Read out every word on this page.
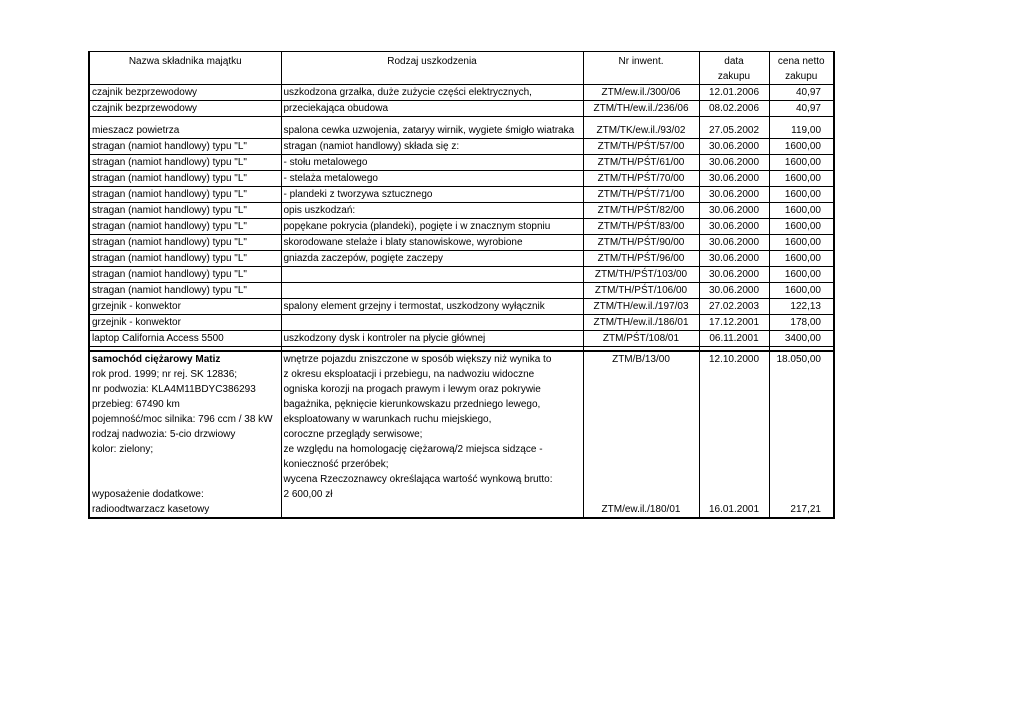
Nazwa składnika majątku	Rodzaj uszkodzenia	Nr inwent.	data	cena netto
			zakupu	zakupu
czajnik bezprzewodowy	uszkodzona grzałka, duże zużycie części elektrycznych,	ZTM/ew.il./300/06	12.01.2006	40,97
czajnik bezprzewodowy	przeciekająca obudowa	ZTM/TH/ew.il./236/06	08.02.2006	40,97
mieszacz powietrza	spalona cewka uzwojenia, zataryy wirnik, wygiete śmigło wiatraka	ZTM/TK/ew.il./93/02	27.05.2002	119,00
stragan (namiot handlowy) typu "L"	stragan (namiot handlowy) składa się z:	ZTM/TH/PŚT/57/00	30.06.2000	1600,00
stragan (namiot handlowy) typu "L"	- stołu metalowego	ZTM/TH/PŚT/61/00	30.06.2000	1600,00
stragan (namiot handlowy) typu "L"	- stelaża metalowego	ZTM/TH/PŚT/70/00	30.06.2000	1600,00
stragan (namiot handlowy) typu "L"	- plandeki z tworzywa sztucznego	ZTM/TH/PŚT/71/00	30.06.2000	1600,00
stragan (namiot handlowy) typu "L"	opis uszkodzań:	ZTM/TH/PŚT/82/00	30.06.2000	1600,00
stragan (namiot handlowy) typu "L"	popękane pokrycia (plandeki), pogięte i w znacznym stopniu	ZTM/TH/PŚT/83/00	30.06.2000	1600,00
stragan (namiot handlowy) typu "L"	skorodowane stelaże i blaty stanowiskowe, wyrobione	ZTM/TH/PŚT/90/00	30.06.2000	1600,00
stragan (namiot handlowy) typu "L"	gniazda zaczepów, pogięte zaczepy	ZTM/TH/PŚT/96/00	30.06.2000	1600,00
stragan (namiot handlowy) typu "L"		ZTM/TH/PŚT/103/00	30.06.2000	1600,00
stragan (namiot handlowy) typu "L"		ZTM/TH/PŚT/106/00	30.06.2000	1600,00
grzejnik - konwektor	spalony element grzejny i termostat, uszkodzony wyłącznik	ZTM/TH/ew.il./197/03	27.02.2003	122,13
grzejnik - konwektor		ZTM/TH/ew.il./186/01	17.12.2001	178,00
laptop California Access 5500	uszkodzony dysk i kontroler na płycie głównej	ZTM/PŚT/108/01	06.11.2001	3400,00

samochód ciężarowy Matiz	wnętrze pojazdu zniszczone w sposób większy niż wynika to	ZTM/B/13/00	12.10.2000	18.050,00
rok prod. 1999; nr rej. SK 12836;	z okresu eksploatacji i przebiegu, na nadwoziu widoczne			
nr podwozia: KLA4M11BDYC386293	ogniska korozji na progach prawym i lewym oraz pokrywie			
przebieg: 67490 km	bagażnika, pęknięcie kierunkowskazu przedniego lewego,			
pojemność/moc silnika: 796 ccm / 38 kW	eksploatowany w warunkach ruchu miejskiego,			
rodzaj nadwozia: 5-cio drzwiowy	coroczne przeglądy serwisowe;			
kolor: zielony;	ze względu na homologację ciężarową/2 miejsca sidzące -			
	konieczność przeróbek;			
	wycena Rzeczoznawcy określająca wartość wynkową brutto:			
wyposażenie dodatkowe:	2 600,00 zł			
radioodtwarzacz kasetowy		ZTM/ew.il./180/01	16.01.2001	217,21
